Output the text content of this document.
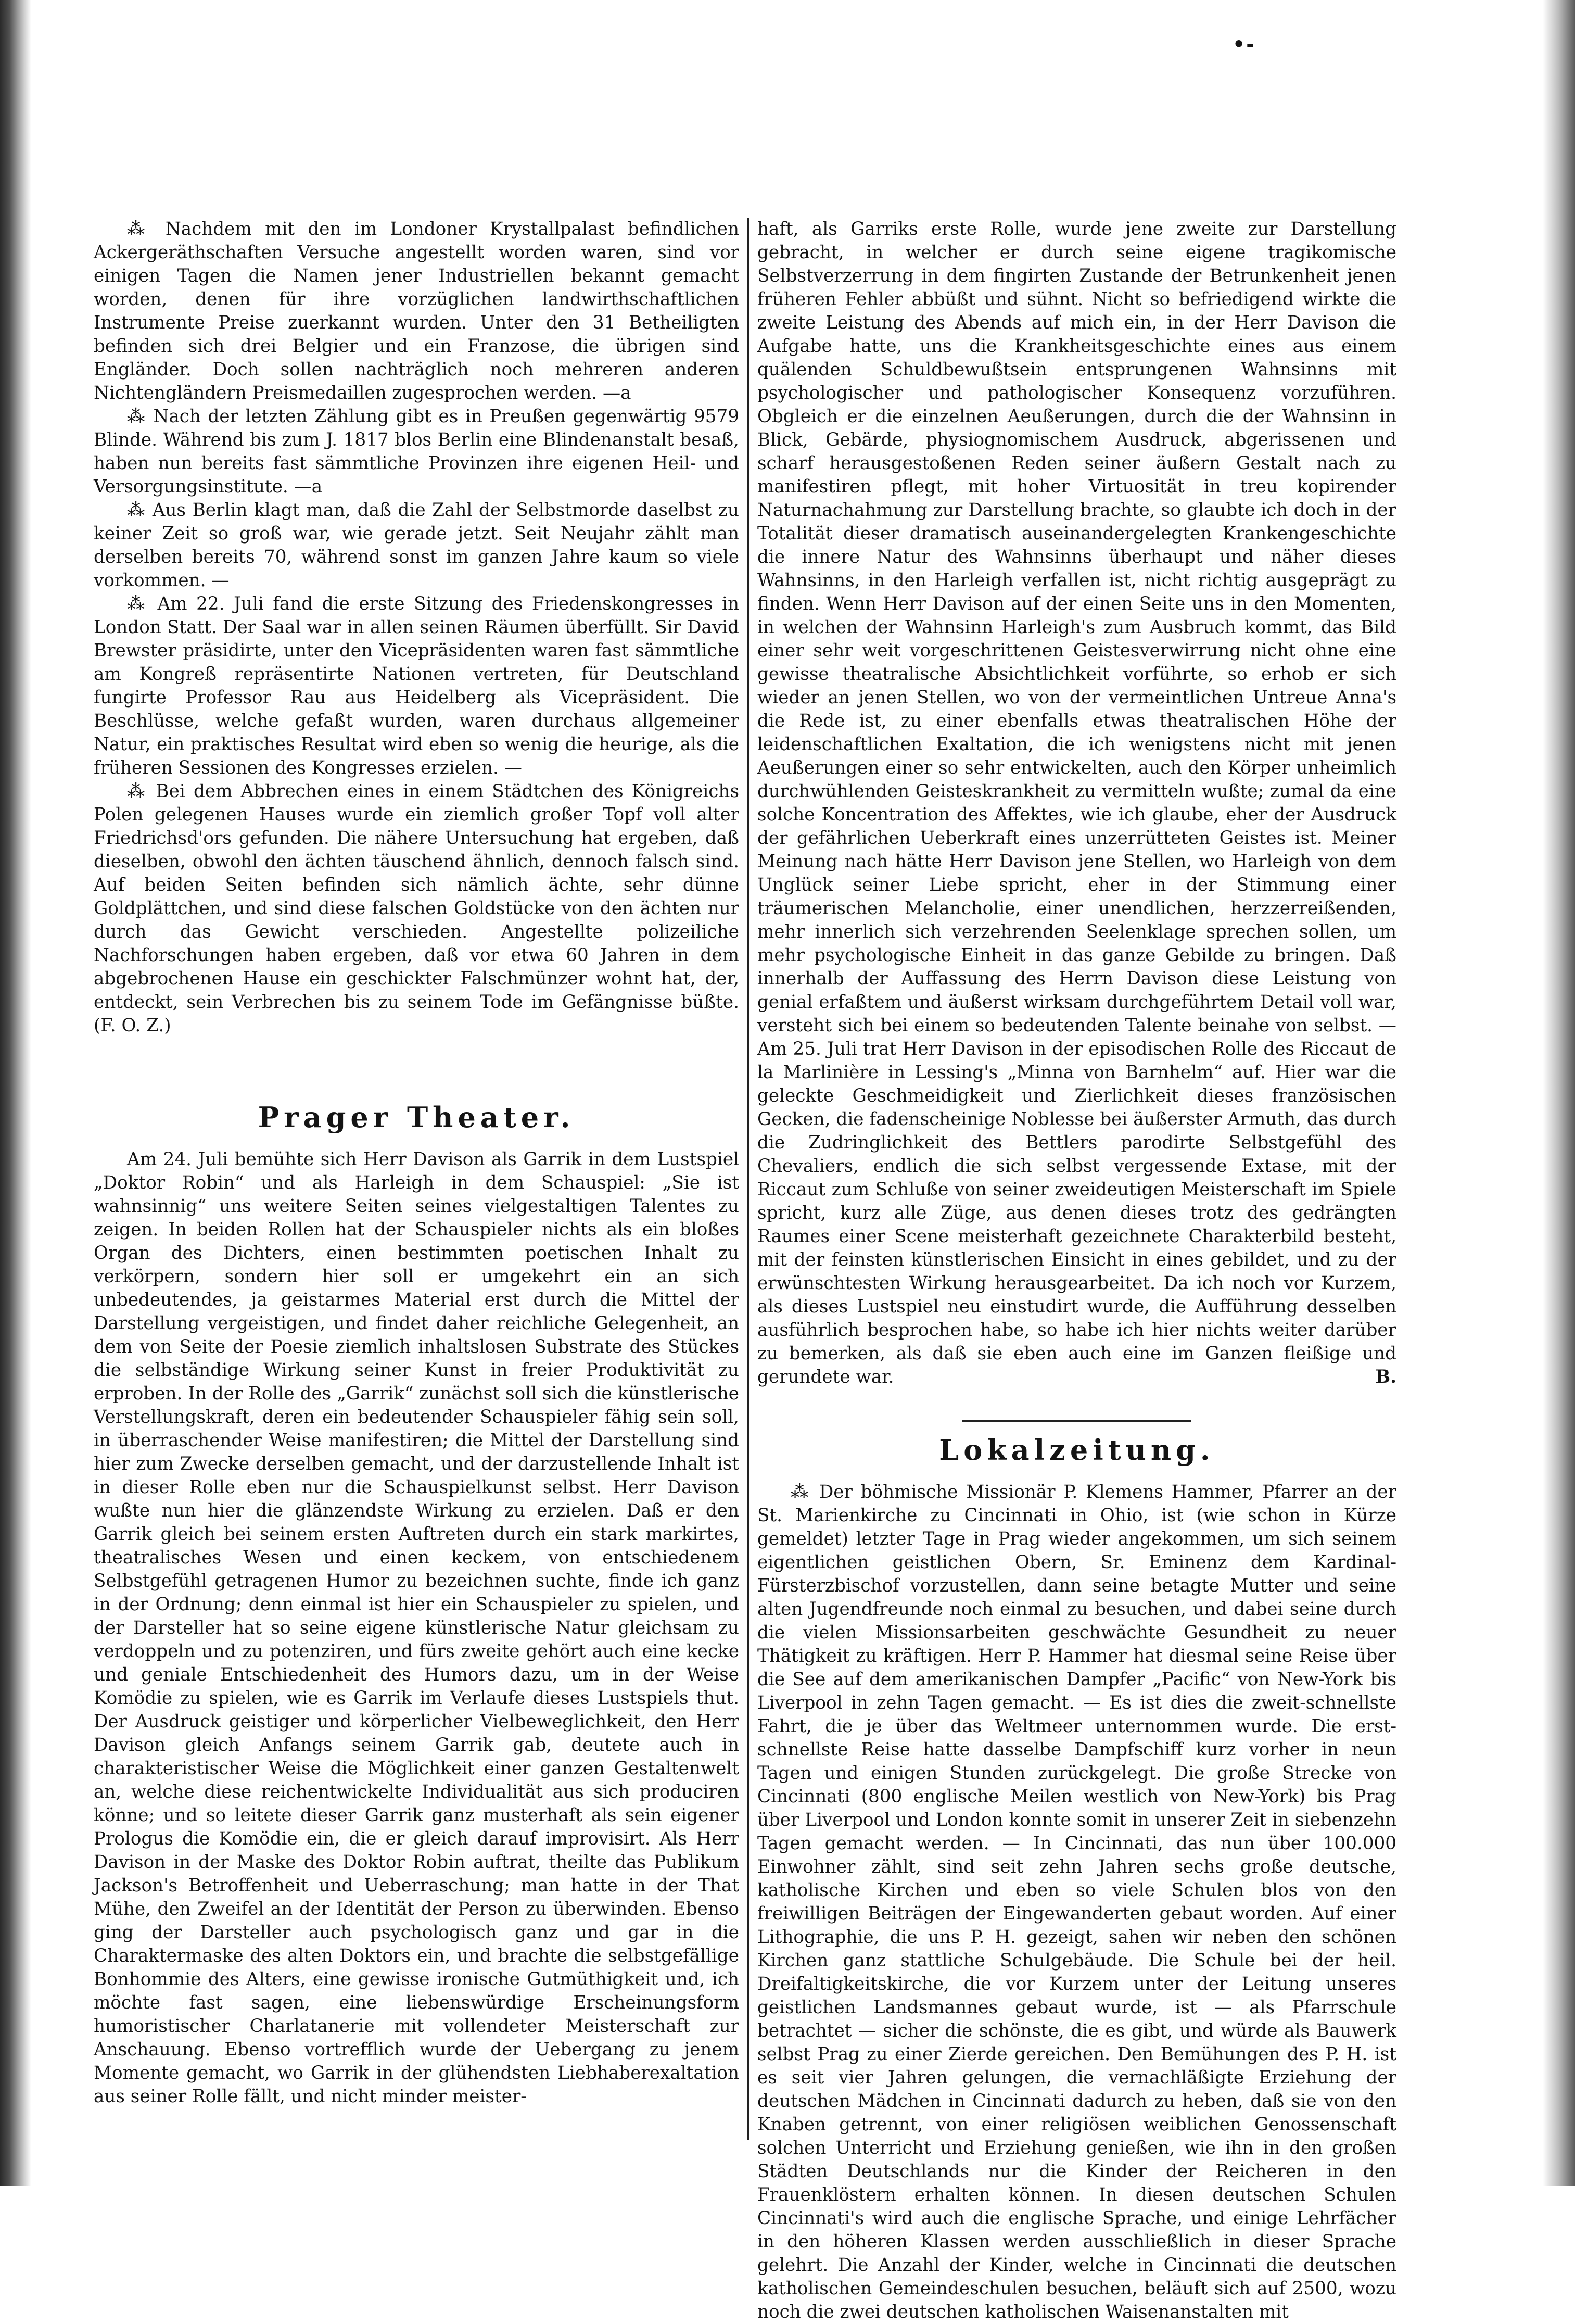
•-

⁂ Nachdem mit den im Londoner Krystallpalast befindlichen Ackergeräthschaften Versuche angestellt worden waren, sind vor einigen Tagen die Namen jener Industriellen bekannt gemacht worden, denen für ihre vorzüglichen landwirthschaftlichen Instrumente Preise zuerkannt wurden. Unter den 31 Betheiligten befinden sich drei Belgier und ein Franzose, die übrigen sind Engländer. Doch sollen nachträglich noch mehreren anderen Nichtengländern Preismedaillen zugesprochen werden. —a

⁂ Nach der letzten Zählung gibt es in Preußen gegenwärtig 9579 Blinde. Während bis zum J. 1817 blos Berlin eine Blindenanstalt besaß, haben nun bereits fast sämmtliche Provinzen ihre eigenen Heil- und Versorgungsinstitute. —a

⁂ Aus Berlin klagt man, daß die Zahl der Selbstmorde daselbst zu keiner Zeit so groß war, wie gerade jetzt. Seit Neujahr zählt man derselben bereits 70, während sonst im ganzen Jahre kaum so viele vorkommen. —

⁂ Am 22. Juli fand die erste Sitzung des Friedenskongresses in London Statt. Der Saal war in allen seinen Räumen überfüllt. Sir David Brewster präsidirte, unter den Vicepräsidenten waren fast sämmtliche am Kongreß repräsentirte Nationen vertreten, für Deutschland fungirte Professor Rau aus Heidelberg als Vicepräsident. Die Beschlüsse, welche gefaßt wurden, waren durchaus allgemeiner Natur, ein praktisches Resultat wird eben so wenig die heurige, als die früheren Sessionen des Kongresses erzielen. —

⁂ Bei dem Abbrechen eines in einem Städtchen des Königreichs Polen gelegenen Hauses wurde ein ziemlich großer Topf voll alter Friedrichsd'ors gefunden. Die nähere Untersuchung hat ergeben, daß dieselben, obwohl den ächten täuschend ähnlich, dennoch falsch sind. Auf beiden Seiten befinden sich nämlich ächte, sehr dünne Goldplättchen, und sind diese falschen Goldstücke von den ächten nur durch das Gewicht verschieden. Angestellte polizeiliche Nachforschungen haben ergeben, daß vor etwa 60 Jahren in dem abgebrochenen Hause ein geschickter Falschmünzer wohnt hat, der, entdeckt, sein Verbrechen bis zu seinem Tode im Gefängnisse büßte. (F. O. Z.)

Prager Theater.

Am 24. Juli bemühte sich Herr Davison als Garrik in dem Lustspiel „Doktor Robin“ und als Harleigh in dem Schauspiel: „Sie ist wahnsinnig“ uns weitere Seiten seines vielgestaltigen Talentes zu zeigen. In beiden Rollen hat der Schauspieler nichts als ein bloßes Organ des Dichters, einen bestimmten poetischen Inhalt zu verkörpern, sondern hier soll er umgekehrt ein an sich unbedeutendes, ja geistarmes Material erst durch die Mittel der Darstellung vergeistigen, und findet daher reichliche Gelegenheit, an dem von Seite der Poesie ziemlich inhaltslosen Substrate des Stückes die selbständige Wirkung seiner Kunst in freier Produktivität zu erproben. In der Rolle des „Garrik“ zunächst soll sich die künstlerische Verstellungskraft, deren ein bedeutender Schauspieler fähig sein soll, in überraschender Weise manifestiren; die Mittel der Darstellung sind hier zum Zwecke derselben gemacht, und der darzustellende Inhalt ist in dieser Rolle eben nur die Schauspielkunst selbst. Herr Davison wußte nun hier die glänzendste Wirkung zu erzielen. Daß er den Garrik gleich bei seinem ersten Auftreten durch ein stark markirtes, theatralisches Wesen und einen keckem, von entschiedenem Selbstgefühl getragenen Humor zu bezeichnen suchte, finde ich ganz in der Ordnung; denn einmal ist hier ein Schauspieler zu spielen, und der Darsteller hat so seine eigene künstlerische Natur gleichsam zu verdoppeln und zu potenziren, und fürs zweite gehört auch eine kecke und geniale Entschiedenheit des Humors dazu, um in der Weise Komödie zu spielen, wie es Garrik im Verlaufe dieses Lustspiels thut. Der Ausdruck geistiger und körperlicher Vielbeweglichkeit, den Herr Davison gleich Anfangs seinem Garrik gab, deutete auch in charakteristischer Weise die Möglichkeit einer ganzen Gestaltenwelt an, welche diese reichentwickelte Individualität aus sich produciren könne; und so leitete dieser Garrik ganz musterhaft als sein eigener Prologus die Komödie ein, die er gleich darauf improvisirt. Als Herr Davison in der Maske des Doktor Robin auftrat, theilte das Publikum Jackson's Betroffenheit und Ueberraschung; man hatte in der That Mühe, den Zweifel an der Identität der Person zu überwinden. Ebenso ging der Darsteller auch psychologisch ganz und gar in die Charaktermaske des alten Doktors ein, und brachte die selbstgefällige Bonhommie des Alters, eine gewisse ironische Gutmüthigkeit und, ich möchte fast sagen, eine liebenswürdige Erscheinungsform humoristischer Charlatanerie mit vollendeter Meisterschaft zur Anschauung. Ebenso vortrefflich wurde der Uebergang zu jenem Momente gemacht, wo Garrik in der glühendsten Liebhaberexaltation aus seiner Rolle fällt, und nicht minder meister-

haft, als Garriks erste Rolle, wurde jene zweite zur Darstellung gebracht, in welcher er durch seine eigene tragikomische Selbstverzerrung in dem fingirten Zustande der Betrunkenheit jenen früheren Fehler abbüßt und sühnt. Nicht so befriedigend wirkte die zweite Leistung des Abends auf mich ein, in der Herr Davison die Aufgabe hatte, uns die Krankheitsgeschichte eines aus einem quälenden Schuldbewußtsein entsprungenen Wahnsinns mit psychologischer und pathologischer Konsequenz vorzuführen. Obgleich er die einzelnen Aeußerungen, durch die der Wahnsinn in Blick, Gebärde, physiognomischem Ausdruck, abgerissenen und scharf herausgestoßenen Reden seiner äußern Gestalt nach zu manifestiren pflegt, mit hoher Virtuosität in treu kopirender Naturnachahmung zur Darstellung brachte, so glaubte ich doch in der Totalität dieser dramatisch auseinandergelegten Krankengeschichte die innere Natur des Wahnsinns überhaupt und näher dieses Wahnsinns, in den Harleigh verfallen ist, nicht richtig ausgeprägt zu finden. Wenn Herr Davison auf der einen Seite uns in den Momenten, in welchen der Wahnsinn Harleigh's zum Ausbruch kommt, das Bild einer sehr weit vorgeschrittenen Geistesverwirrung nicht ohne eine gewisse theatralische Absichtlichkeit vorführte, so erhob er sich wieder an jenen Stellen, wo von der vermeintlichen Untreue Anna's die Rede ist, zu einer ebenfalls etwas theatralischen Höhe der leidenschaftlichen Exaltation, die ich wenigstens nicht mit jenen Aeußerungen einer so sehr entwickelten, auch den Körper unheimlich durchwühlenden Geisteskrankheit zu vermitteln wußte; zumal da eine solche Koncentration des Affektes, wie ich glaube, eher der Ausdruck der gefährlichen Ueberkraft eines unzerrütteten Geistes ist. Meiner Meinung nach hätte Herr Davison jene Stellen, wo Harleigh von dem Unglück seiner Liebe spricht, eher in der Stimmung einer träumerischen Melancholie, einer unendlichen, herzzerreißenden, mehr innerlich sich verzehrenden Seelenklage sprechen sollen, um mehr psychologische Einheit in das ganze Gebilde zu bringen. Daß innerhalb der Auffassung des Herrn Davison diese Leistung von genial erfaßtem und äußerst wirksam durchgeführtem Detail voll war, versteht sich bei einem so bedeutenden Talente beinahe von selbst. — Am 25. Juli trat Herr Davison in der episodischen Rolle des Riccaut de la Marlinière in Lessing's „Minna von Barnhelm“ auf. Hier war die geleckte Geschmeidigkeit und Zierlichkeit dieses französischen Gecken, die fadenscheinige Noblesse bei äußerster Armuth, das durch die Zudringlichkeit des Bettlers parodirte Selbstgefühl des Chevaliers, endlich die sich selbst vergessende Extase, mit der Riccaut zum Schluße von seiner zweideutigen Meisterschaft im Spiele spricht, kurz alle Züge, aus denen dieses trotz des gedrängten Raumes einer Scene meisterhaft gezeichnete Charakterbild besteht, mit der feinsten künstlerischen Einsicht in eines gebildet, und zu der erwünschtesten Wirkung herausgearbeitet. Da ich noch vor Kurzem, als dieses Lustspiel neu einstudirt wurde, die Aufführung desselben ausführlich besprochen habe, so habe ich hier nichts weiter darüber zu bemerken, als daß sie eben auch eine im Ganzen fleißige und gerundete war.	B.
Lokalzeitung.

⁂ Der böhmische Missionär P. Klemens Hammer, Pfarrer an der St. Marienkirche zu Cincinnati in Ohio, ist (wie schon in Kürze gemeldet) letzter Tage in Prag wieder angekommen, um sich seinem eigentlichen geistlichen Obern, Sr. Eminenz dem Kardinal-Fürsterzbischof vorzustellen, dann seine betagte Mutter und seine alten Jugendfreunde noch einmal zu besuchen, und dabei seine durch die vielen Missionsarbeiten geschwächte Gesundheit zu neuer Thätigkeit zu kräftigen. Herr P. Hammer hat diesmal seine Reise über die See auf dem amerikanischen Dampfer „Pacific“ von New-York bis Liverpool in zehn Tagen gemacht. — Es ist dies die zweit-schnellste Fahrt, die je über das Weltmeer unternommen wurde. Die erst-schnellste Reise hatte dasselbe Dampfschiff kurz vorher in neun Tagen und einigen Stunden zurückgelegt. Die große Strecke von Cincinnati (800 englische Meilen westlich von New-York) bis Prag über Liverpool und London konnte somit in unserer Zeit in siebenzehn Tagen gemacht werden. — In Cincinnati, das nun über 100.000 Einwohner zählt, sind seit zehn Jahren sechs große deutsche, katholische Kirchen und eben so viele Schulen blos von den freiwilligen Beiträgen der Eingewanderten gebaut worden. Auf einer Lithographie, die uns P. H. gezeigt, sahen wir neben den schönen Kirchen ganz stattliche Schulgebäude. Die Schule bei der heil. Dreifaltigkeitskirche, die vor Kurzem unter der Leitung unseres geistlichen Landsmannes gebaut wurde, ist — als Pfarrschule betrachtet — sicher die schönste, die es gibt, und würde als Bauwerk selbst Prag zu einer Zierde gereichen. Den Bemühungen des P. H. ist es seit vier Jahren gelungen, die vernachläßigte Erziehung der deutschen Mädchen in Cincinnati dadurch zu heben, daß sie von den Knaben getrennt, von einer religiösen weiblichen Genossenschaft solchen Unterricht und Erziehung genießen, wie ihn in den großen Städten Deutschlands nur die Kinder der Reicheren in den Frauenklöstern erhalten können. In diesen deutschen Schulen Cincinnati's wird auch die englische Sprache, und einige Lehrfächer in den höheren Klassen werden ausschließlich in dieser Sprache gelehrt. Die Anzahl der Kinder, welche in Cincinnati die deutschen katholischen Gemeindeschulen besuchen, beläuft sich auf 2500, wozu noch die zwei deutschen katholischen Waisenanstalten mit
